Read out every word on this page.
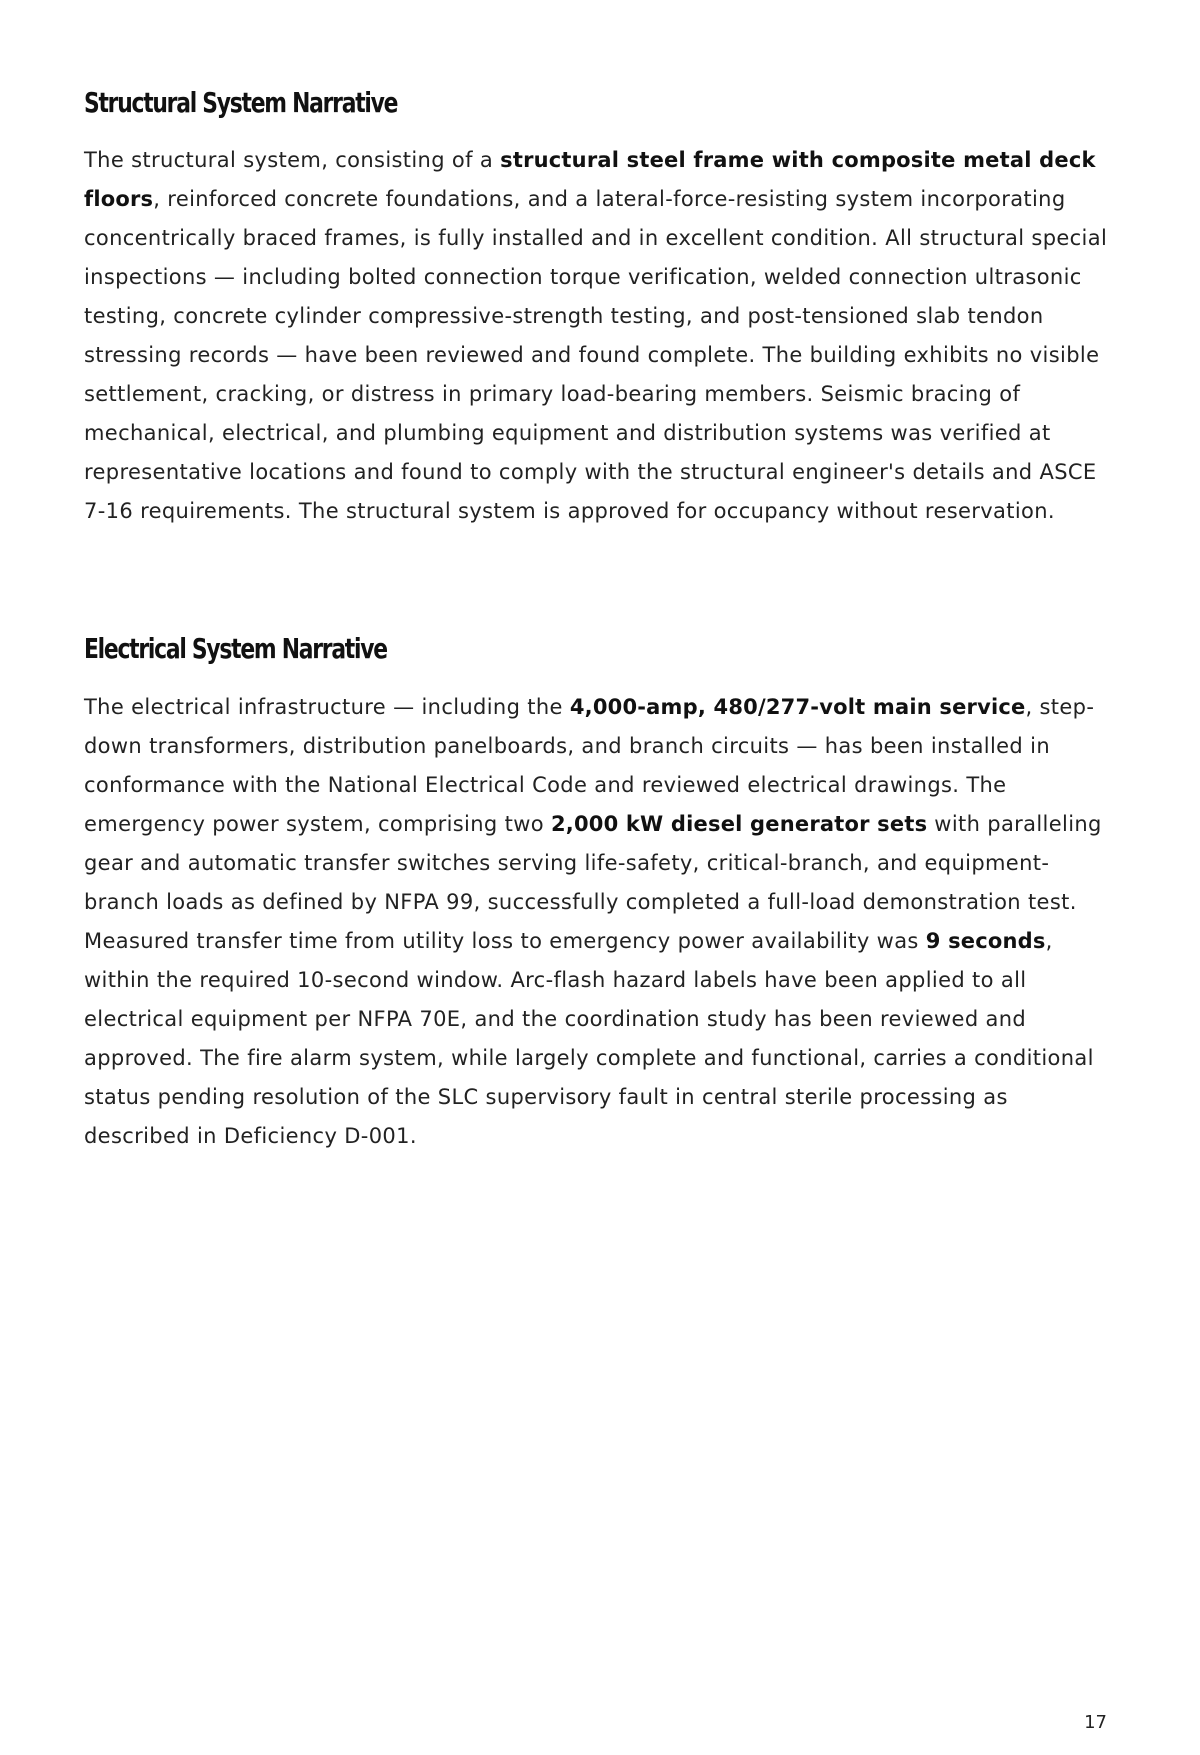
Structural System Narrative

The structural system, consisting of a structural steel frame with composite metal deck floors, reinforced concrete foundations, and a lateral-force-resisting system incorporating concentrically braced frames, is fully installed and in excellent condition. All structural special inspections — including bolted connection torque verification, welded connection ultrasonic testing, concrete cylinder compressive-strength testing, and post-tensioned slab tendon stressing records — have been reviewed and found complete. The building exhibits no visible settlement, cracking, or distress in primary load-bearing members. Seismic bracing of mechanical, electrical, and plumbing equipment and distribution systems was verified at representative locations and found to comply with the structural engineer's details and ASCE 7-16 requirements. The structural system is approved for occupancy without reservation.

Electrical System Narrative

The electrical infrastructure — including the 4,000-amp, 480/277-volt main service, step-down transformers, distribution panelboards, and branch circuits — has been installed in conformance with the National Electrical Code and reviewed electrical drawings. The emergency power system, comprising two 2,000 kW diesel generator sets with paralleling gear and automatic transfer switches serving life-safety, critical-branch, and equipment-branch loads as defined by NFPA 99, successfully completed a full-load demonstration test. Measured transfer time from utility loss to emergency power availability was 9 seconds, within the required 10-second window. Arc-flash hazard labels have been applied to all electrical equipment per NFPA 70E, and the coordination study has been reviewed and approved. The fire alarm system, while largely complete and functional, carries a conditional status pending resolution of the SLC supervisory fault in central sterile processing as described in Deficiency D-001.

17
